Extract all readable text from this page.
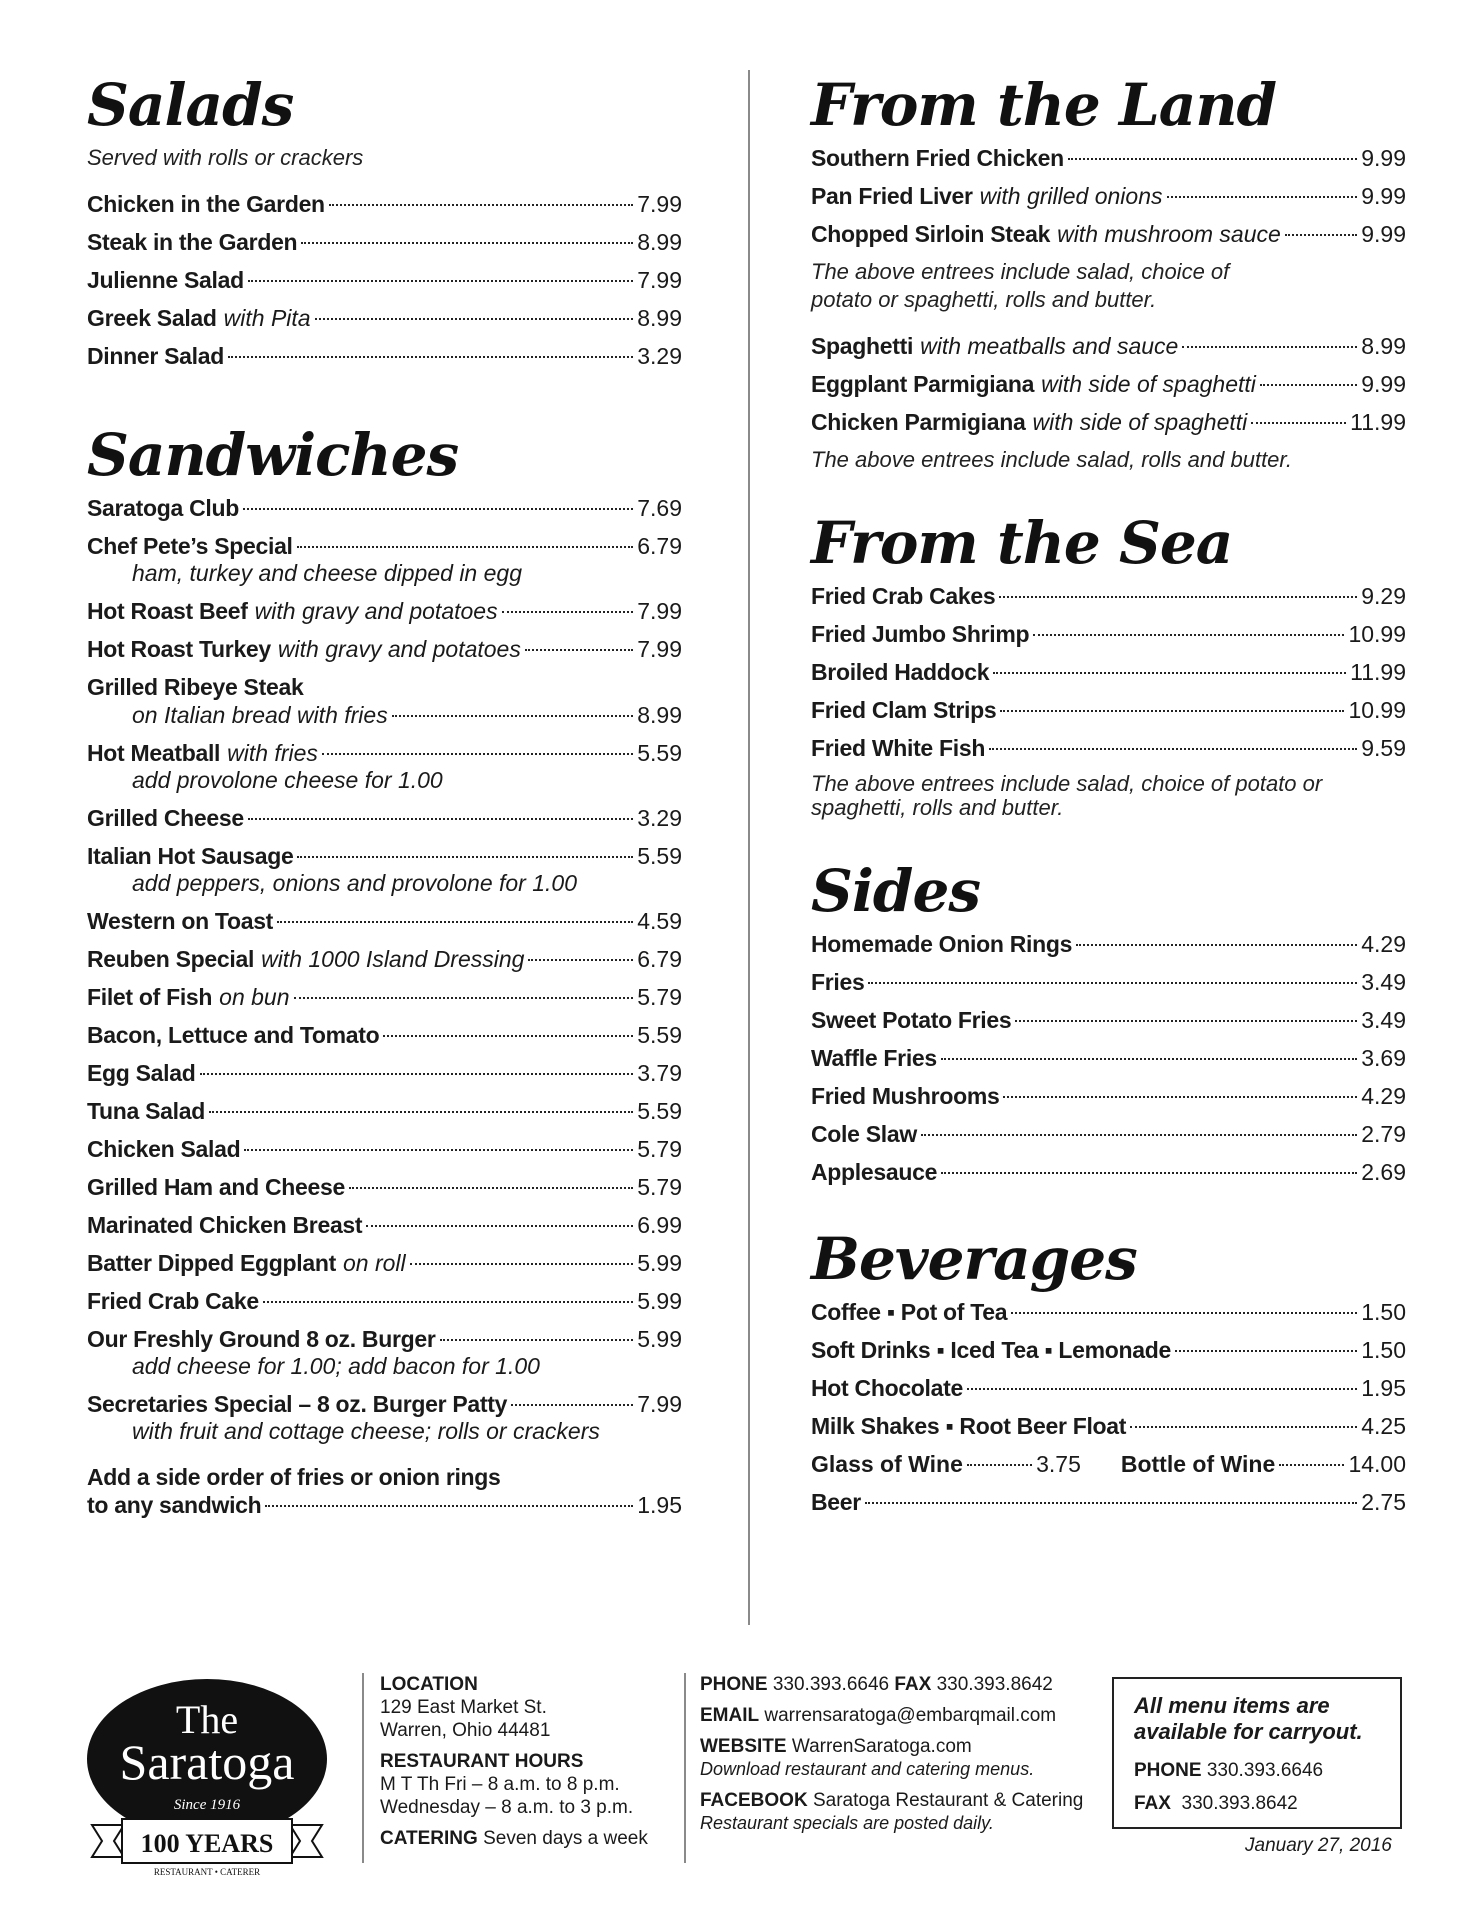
Salads
Served with rolls or crackers
Chicken in the Garden	7.99
Steak in the Garden	8.99
Julienne Salad	7.99
Greek Salad with Pita	8.99
Dinner Salad	3.29
Sandwiches
Saratoga Club	7.69
Chef Pete’s Special	6.79
ham, turkey and cheese dipped in egg
Hot Roast Beef with gravy and potatoes	7.99
Hot Roast Turkey with gravy and potatoes	7.99
Grilled Ribeye Steak
on Italian bread with fries	8.99
Hot Meatball with fries	5.59
add provolone cheese for 1.00
Grilled Cheese	3.29
Italian Hot Sausage	5.59
add peppers, onions and provolone for 1.00
Western on Toast	4.59
Reuben Special with 1000 Island Dressing	6.79
Filet of Fish on bun	5.79
Bacon, Lettuce and Tomato	5.59
Egg Salad	3.79
Tuna Salad	5.59
Chicken Salad	5.79
Grilled Ham and Cheese	5.79
Marinated Chicken Breast	6.99
Batter Dipped Eggplant on roll	5.99
Fried Crab Cake	5.99
Our Freshly Ground 8 oz. Burger	5.99
add cheese for 1.00; add bacon for 1.00
Secretaries Special – 8 oz. Burger Patty	7.99
with fruit and cottage cheese; rolls or crackers
Add a side order of fries or onion rings
to any sandwich	1.95
From the Land
Southern Fried Chicken	9.99
Pan Fried Liver with grilled onions	9.99
Chopped Sirloin Steak with mushroom sauce	9.99
The above entrees include salad, choice of potato or spaghetti, rolls and butter.
Spaghetti with meatballs and sauce	8.99
Eggplant Parmigiana with side of spaghetti	9.99
Chicken Parmigiana with side of spaghetti	11.99
The above entrees include salad, rolls and butter.
From the Sea
Fried Crab Cakes	9.29
Fried Jumbo Shrimp	10.99
Broiled Haddock	11.99
Fried Clam Strips	10.99
Fried White Fish	9.59
The above entrees include salad, choice of potato or spaghetti, rolls and butter.
Sides
Homemade Onion Rings	4.29
Fries	3.49
Sweet Potato Fries	3.49
Waffle Fries	3.69
Fried Mushrooms	4.29
Cole Slaw	2.79
Applesauce	2.69
Beverages
Coffee ▪ Pot of Tea	1.50
Soft Drinks ▪ Iced Tea ▪ Lemonade	1.50
Hot Chocolate	1.95
Milk Shakes ▪ Root Beer Float	4.25
Glass of Wine	3.75 Bottle of Wine	14.00
Beer	2.75
The
Saratoga
Since 1916
100 YEARS
RESTAURANT • CATERER
LOCATION
129 East Market St.
Warren, Ohio 44481
RESTAURANT HOURS
M T Th Fri – 8 a.m. to 8 p.m.
Wednesday – 8 a.m. to 3 p.m.
CATERING Seven days a week
PHONE 330.393.6646 FAX 330.393.8642
EMAIL warrensaratoga@embarqmail.com
WEBSITE WarrenSaratoga.com
Download restaurant and catering menus.
FACEBOOK Saratoga Restaurant & Catering
Restaurant specials are posted daily.
All menu items are available for carryout.
PHONE 330.393.6646
FAX 330.393.8642
January 27, 2016
